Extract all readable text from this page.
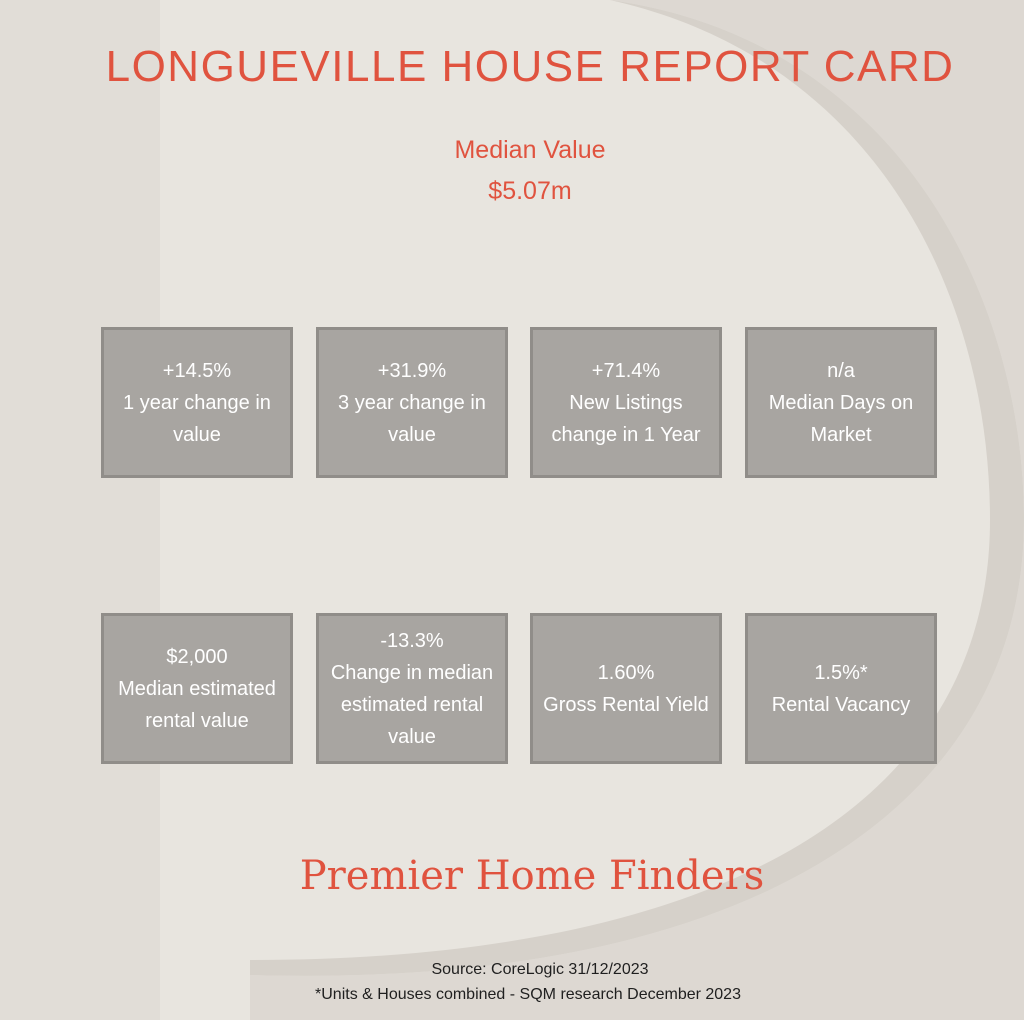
LONGUEVILLE HOUSE REPORT CARD
Median Value
$5.07m
+14.5%
1 year change in
value
+31.9%
3 year change in
value
+71.4%
New Listings
change in 1 Year
n/a
Median Days on
Market
$2,000
Median estimated
rental value
-13.3%
Change in median
estimated rental
value
1.60%
Gross Rental Yield
1.5%*
Rental Vacancy
Premier Home Finders
Source: CoreLogic 31/12/2023
*Units & Houses combined - SQM research December 2023
